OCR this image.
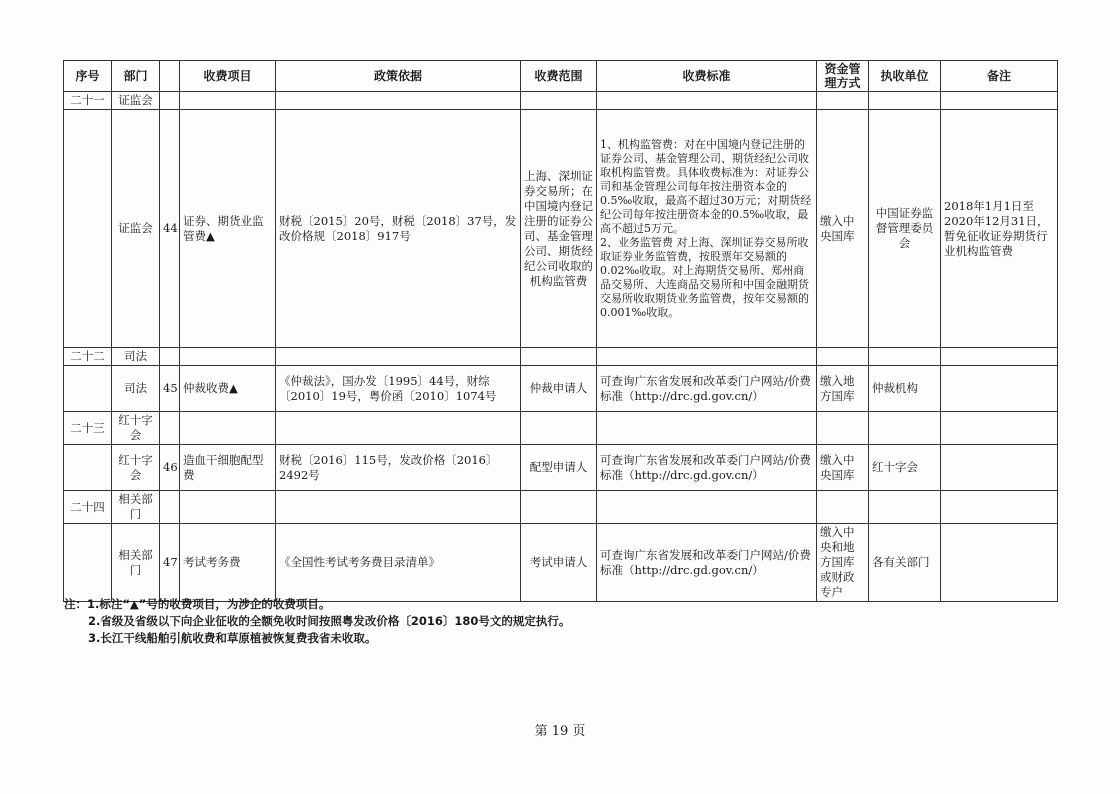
序号	部门		收费项目	政策依据	收费范围	收费标准	资金管理方式	执收单位	备注
二十一	证监会								
	证监会	44	证券、期货业监管费▲	财税〔2015〕20号，财税〔2018〕37号，发改价格规〔2018〕917号	上海、深圳证券交易所；在中国境内登记注册的证券公司、基金管理公司、期货经纪公司收取的机构监管费	1、机构监管费：对在中国境内登记注册的证券公司、基金管理公司、期货经纪公司收取机构监管费。具体收费标准为：对证券公司和基金管理公司每年按注册资本金的0.5‰收取，最高不超过30万元；对期货经纪公司每年按注册资本金的0.5‰收取，最高不超过5万元。
2、业务监管费 对上海、深圳证券交易所收取证券业务监管费，按股票年交易额的0.02‰收取。对上海期货交易所、郑州商品交易所、大连商品交易所和中国金融期货交易所收取期货业务监管费，按年交易额的0.001‰收取。	缴入中央国库	中国证券监督管理委员会	2018年1月1日至2020年12月31日，暂免征收证券期货行业机构监管费
二十二	司法								
	司法	45	仲裁收费▲	《仲裁法》，国办发〔1995〕44号，财综〔2010〕19号，粤价函〔2010〕1074号	仲裁申请人	可查询广东省发展和改革委门户网站/价费标准（http://drc.gd.gov.cn/）	缴入地方国库	仲裁机构	
二十三	红十字会								
	红十字会	46	造血干细胞配型费	财税〔2016〕115号，发改价格〔2016〕2492号	配型申请人	可查询广东省发展和改革委门户网站/价费标准（http://drc.gd.gov.cn/）	缴入中央国库	红十字会	
二十四	相关部门								
	相关部门	47	考试考务费	《全国性考试考务费目录清单》	考试申请人	可查询广东省发展和改革委门户网站/价费标准（http://drc.gd.gov.cn/）	缴入中央和地方国库或财政专户	各有关部门	
注：1.标注“▲”号的收费项目，为涉企的收费项目。
2.省级及省级以下向企业征收的全额免收时间按照粤发改价格〔2016〕180号文的规定执行。
3.长江干线船舶引航收费和草原植被恢复费我省未收取。
第 19 页
